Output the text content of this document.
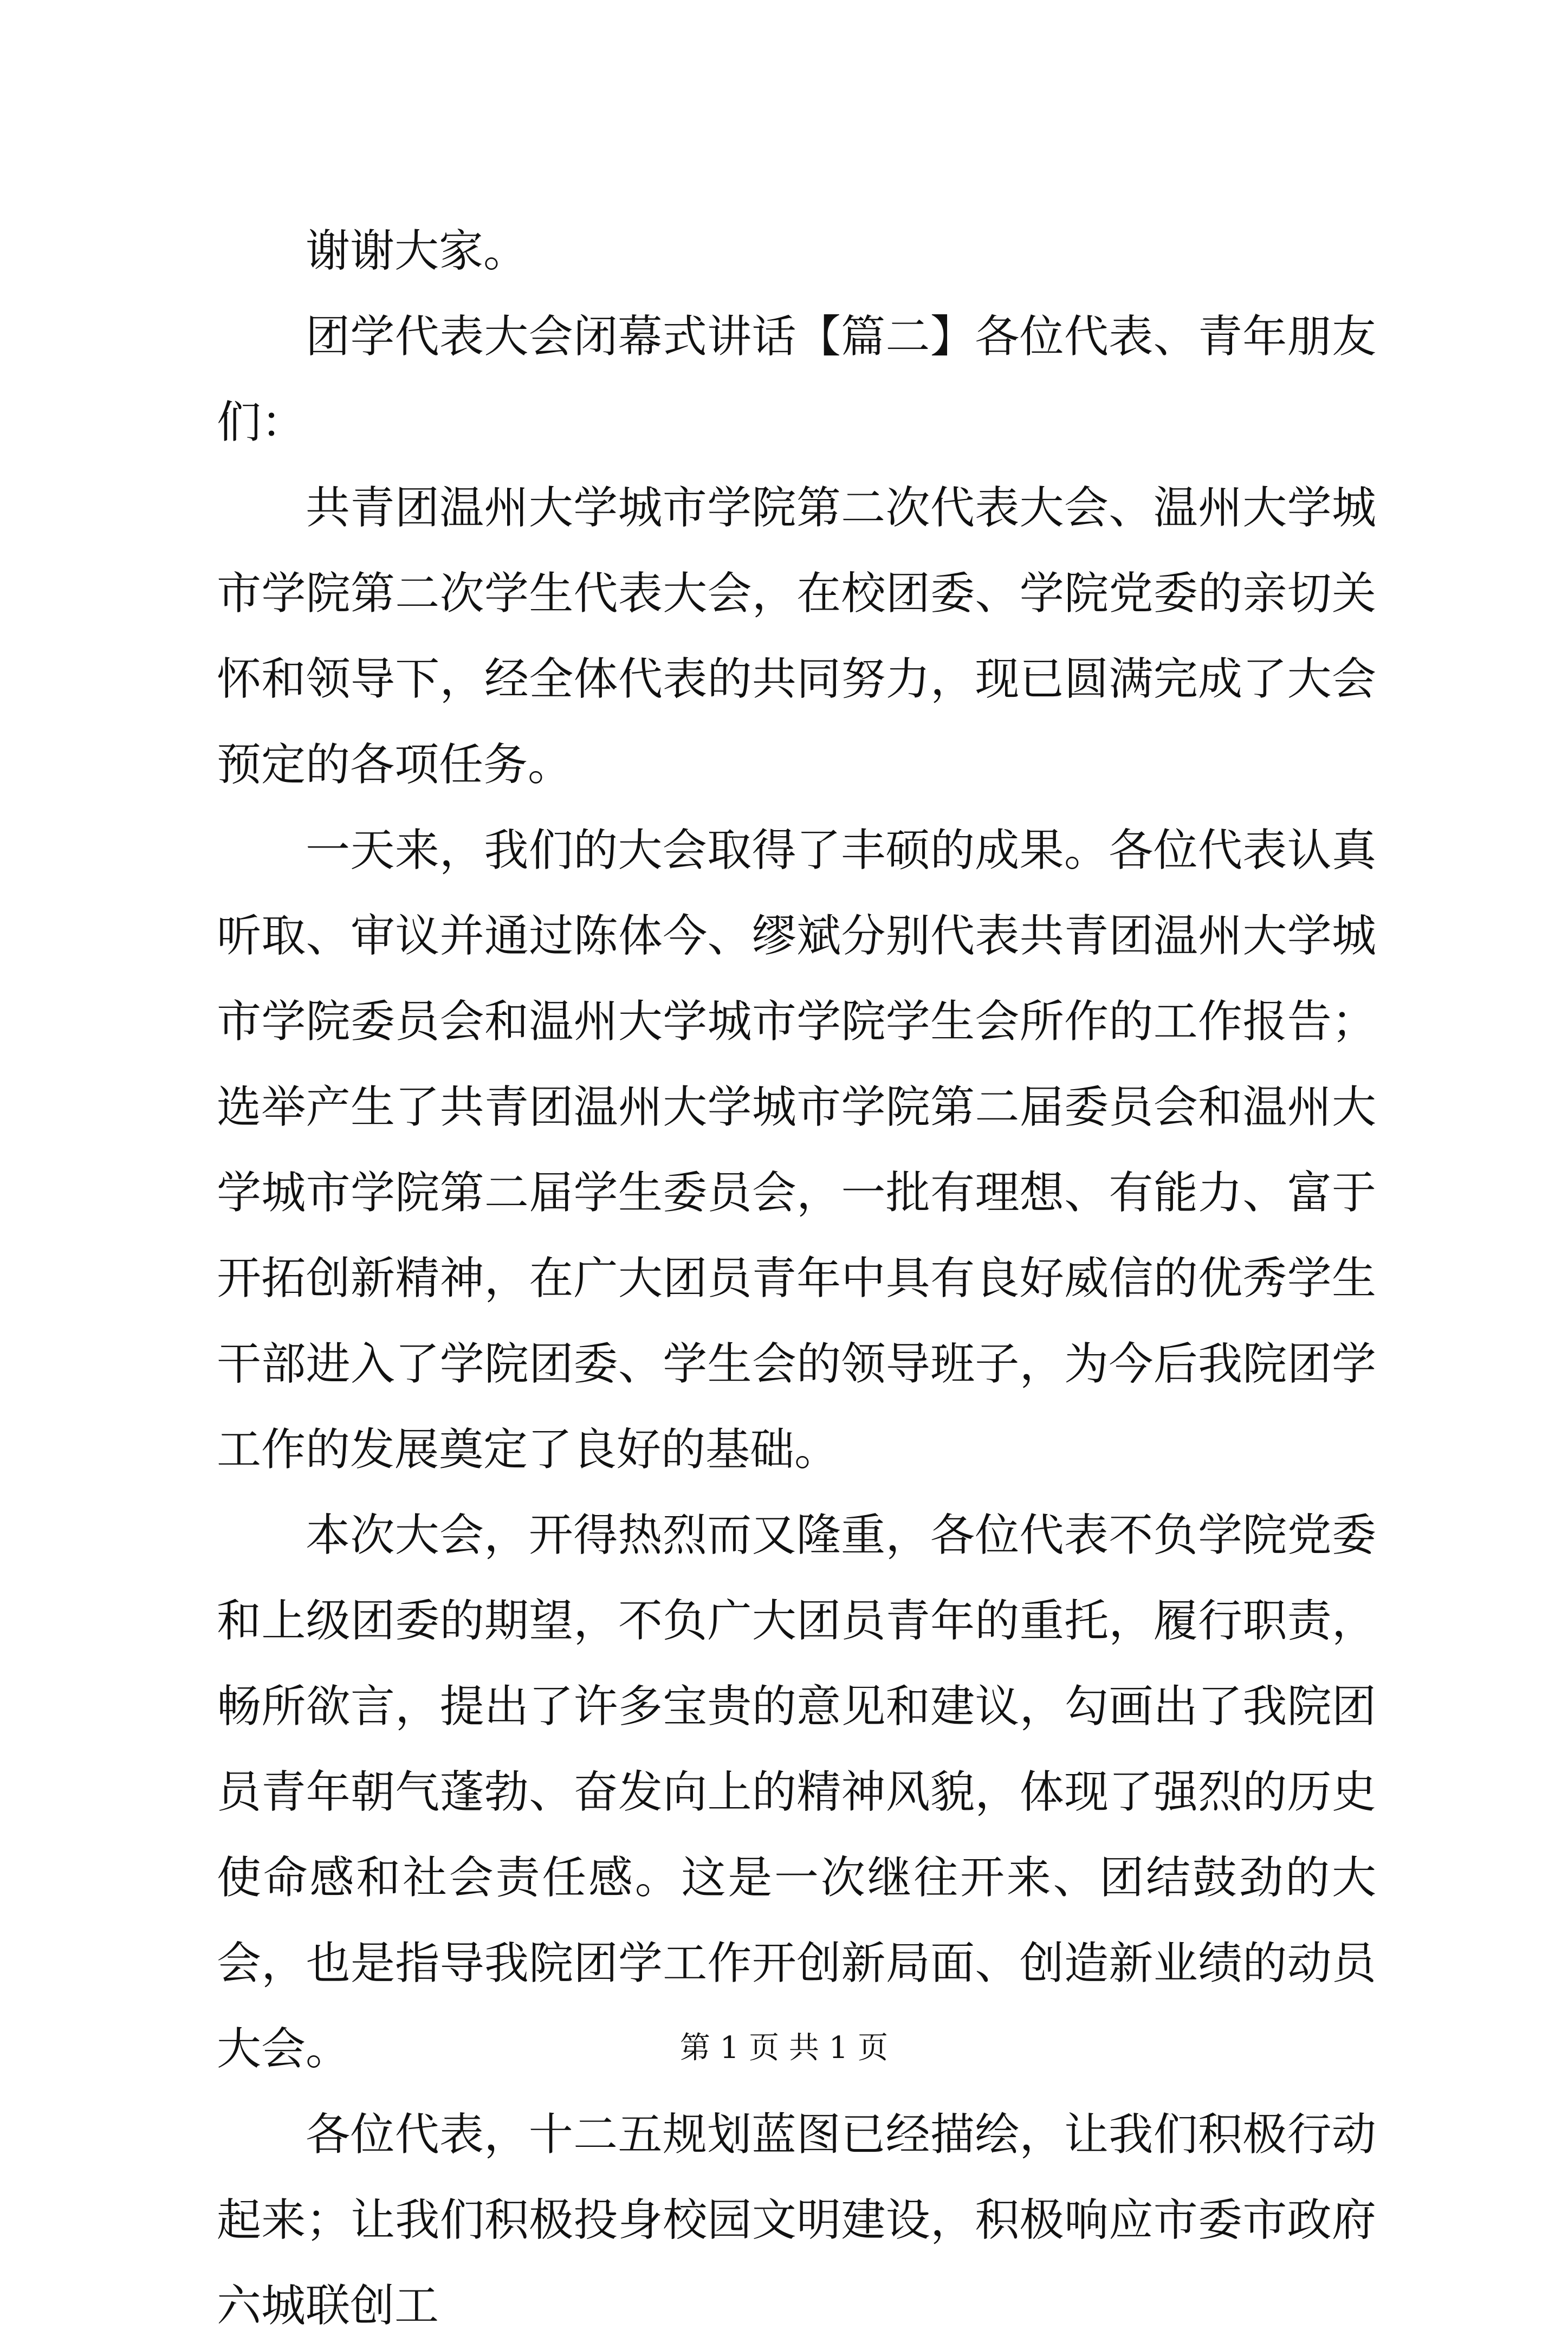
谢谢大家。

团学代表大会闭幕式讲话【篇二】各位代表、青年朋友们：

共青团温州大学城市学院第二次代表大会、温州大学城市学院第二次学生代表大会，在校团委、学院党委的亲切关怀和领导下，经全体代表的共同努力，现已圆满完成了大会预定的各项任务。

一天来，我们的大会取得了丰硕的成果。各位代表认真听取、审议并通过陈体今、缪斌分别代表共青团温州大学城市学院委员会和温州大学城市学院学生会所作的工作报告；选举产生了共青团温州大学城市学院第二届委员会和温州大学城市学院第二届学生委员会，一批有理想、有能力、富于开拓创新精神，在广大团员青年中具有良好威信的优秀学生干部进入了学院团委、学生会的领导班子，为今后我院团学工作的发展奠定了良好的基础。

本次大会，开得热烈而又隆重，各位代表不负学院党委和上级团委的期望，不负广大团员青年的重托，履行职责，畅所欲言，提出了许多宝贵的意见和建议，勾画出了我院团员青年朝气蓬勃、奋发向上的精神风貌，体现了强烈的历史使命感和社会责任感。这是一次继往开来、团结鼓劲的大会，也是指导我院团学工作开创新局面、创造新业绩的动员大会。

各位代表，十二五规划蓝图已经描绘，让我们积极行动起来；让我们积极投身校园文明建设，积极响应市委市政府六城联创工

第 1 页 共 1 页
